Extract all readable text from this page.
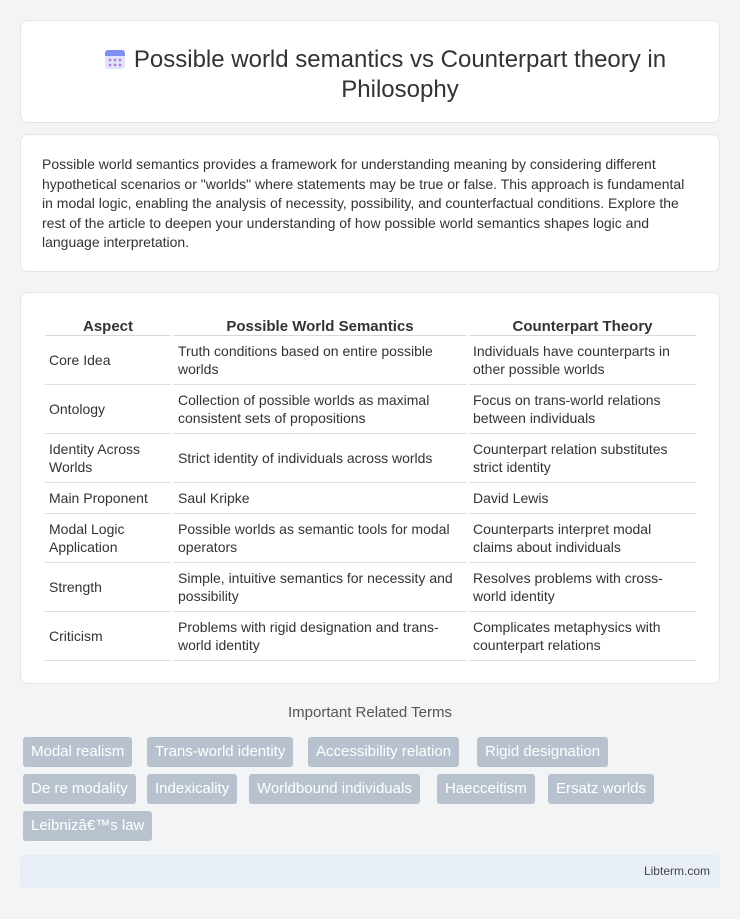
Possible world semantics vs Counterpart theory in Philosophy

Possible world semantics provides a framework for understanding meaning by considering different hypothetical scenarios or "worlds" where statements may be true or false. This approach is fundamental in modal logic, enabling the analysis of necessity, possibility, and counterfactual conditions. Explore the rest of the article to deepen your understanding of how possible world semantics shapes logic and language interpretation.

Aspect	Possible World Semantics	Counterpart Theory
Core Idea	Truth conditions based on entire possible worlds	Individuals have counterparts in other possible worlds
Ontology	Collection of possible worlds as maximal consistent sets of propositions	Focus on trans-world relations between individuals
Identity Across Worlds	Strict identity of individuals across worlds	Counterpart relation substitutes strict identity
Main Proponent	Saul Kripke	David Lewis
Modal Logic Application	Possible worlds as semantic tools for modal operators	Counterparts interpret modal claims about individuals
Strength	Simple, intuitive semantics for necessity and possibility	Resolves problems with cross-world identity
Criticism	Problems with rigid designation and trans-world identity	Complicates metaphysics with counterpart relations
Important Related Terms
Modal realism	Trans-world identity	Accessibility relation	Rigid designation
De re modality	Indexicality	Worldbound individuals	Haecceitism	Ersatz worlds
Leibnizâ€™s law
Libterm.com
